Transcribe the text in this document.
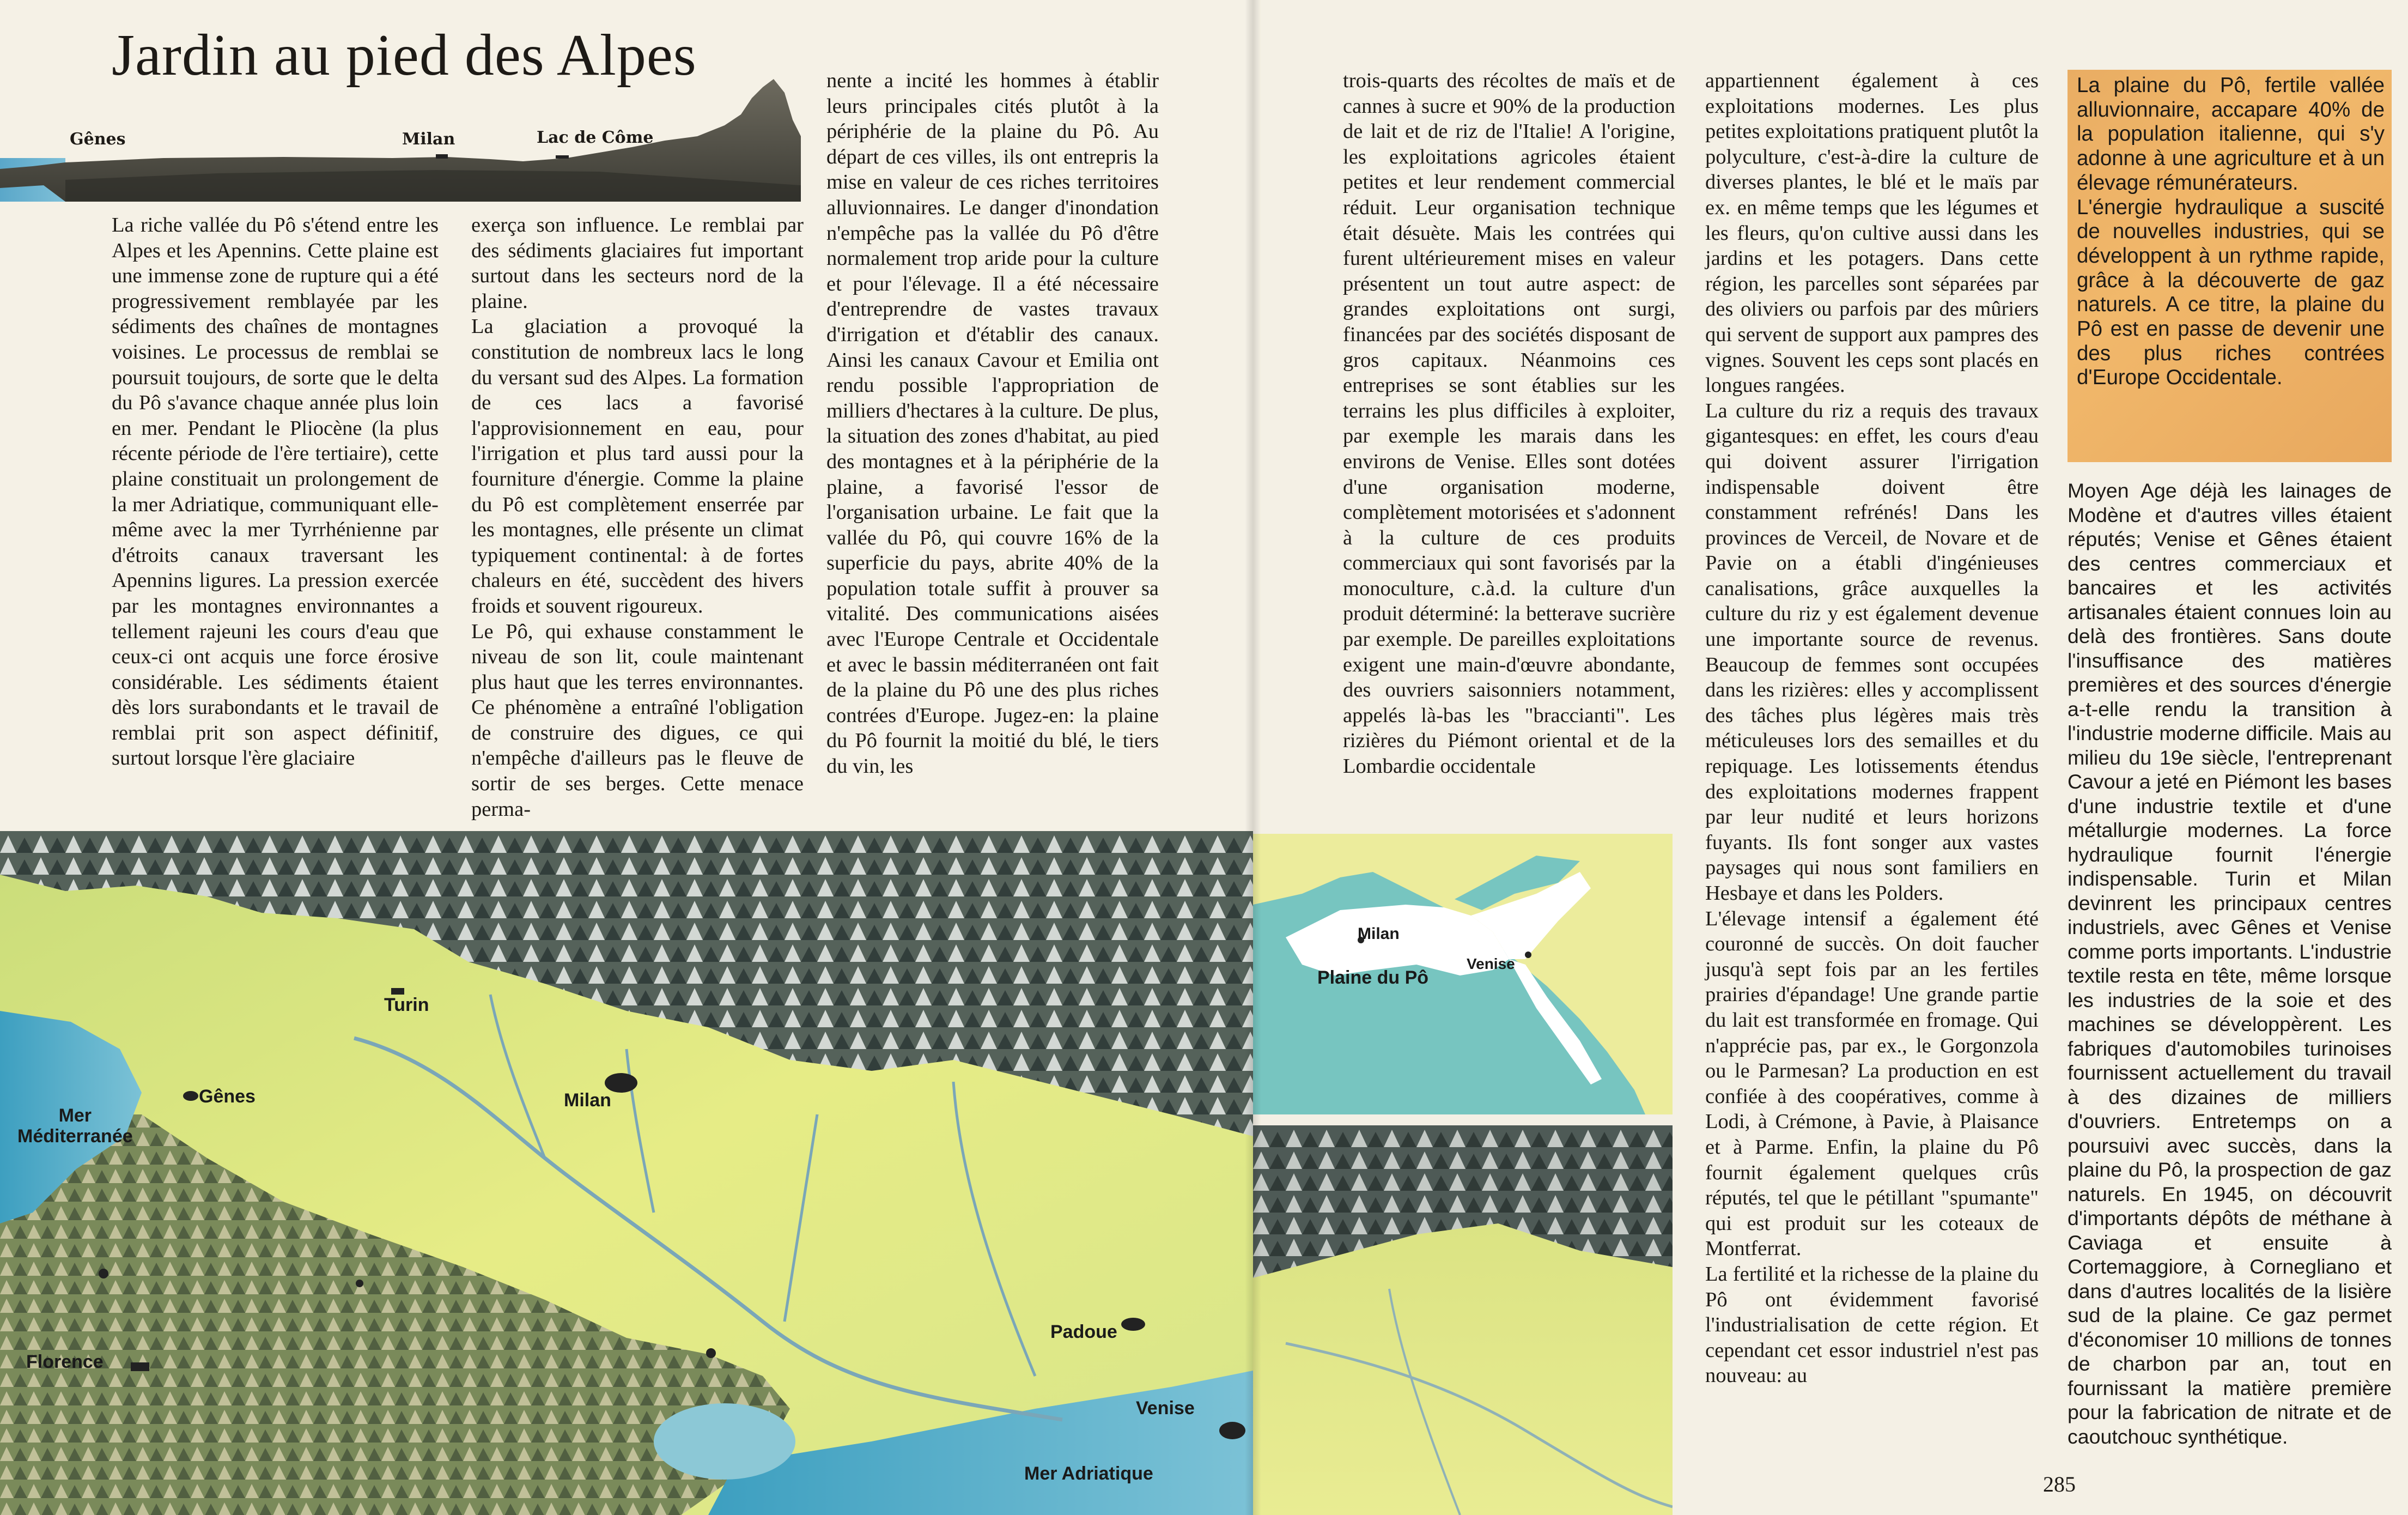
Jardin au pied des Alpes
Gênes	Milan	Lac de Côme

La riche vallée du Pô s'étend entre les Alpes et les Apennins. Cette plaine est une immense zone de rupture qui a été progressivement remblayée par les sédiments des chaînes de montagnes voisines. Le processus de remblai se poursuit toujours, de sorte que le delta du Pô s'avance chaque année plus loin en mer. Pendant le Pliocène (la plus récente période de l'ère tertiaire), cette plaine constituait un prolongement de la mer Adriatique, communiquant elle-même avec la mer Tyrrhénienne par d'étroits canaux traversant les Apennins ligures. La pression exercée par les montagnes environnantes a tellement rajeuni les cours d'eau que ceux-ci ont acquis une force érosive considérable. Les sédiments étaient dès lors surabondants et le travail de remblai prit son aspect définitif, surtout lorsque l'ère glaciaire

exerça son influence. Le remblai par des sédiments glaciaires fut important surtout dans les secteurs nord de la plaine.

La glaciation a provoqué la constitution de nombreux lacs le long du versant sud des Alpes. La formation de ces lacs a favorisé l'approvisionnement en eau, pour l'irrigation et plus tard aussi pour la fourniture d'énergie. Comme la plaine du Pô est complètement enserrée par les montagnes, elle présente un climat typiquement continental: à de fortes chaleurs en été, succèdent des hivers froids et souvent rigoureux.

Le Pô, qui exhause constamment le niveau de son lit, coule maintenant plus haut que les terres environnantes. Ce phénomène a entraîné l'obligation de construire des digues, ce qui n'empêche d'ailleurs pas le fleuve de sortir de ses berges. Cette menace perma-

nente a incité les hommes à établir leurs principales cités plutôt à la périphérie de la plaine du Pô. Au départ de ces villes, ils ont entrepris la mise en valeur de ces riches territoires alluvionnaires. Le danger d'inondation n'empêche pas la vallée du Pô d'être normalement trop aride pour la culture et pour l'élevage. Il a été nécessaire d'entreprendre de vastes travaux d'irrigation et d'établir des canaux. Ainsi les canaux Cavour et Emilia ont rendu possible l'appropriation de milliers d'hectares à la culture. De plus, la situation des zones d'habitat, au pied des montagnes et à la périphérie de la plaine, a favorisé l'essor de l'organisation urbaine. Le fait que la vallée du Pô, qui couvre 16% de la superficie du pays, abrite 40% de la population totale suffit à prouver sa vitalité. Des communications aisées avec l'Europe Centrale et Occidentale et avec le bassin méditerranéen ont fait de la plaine du Pô une des plus riches contrées d'Europe. Jugez-en: la plaine du Pô fournit la moitié du blé, le tiers du vin, les

Turin
Gênes
Mer
Méditerranée
Milan
Florence
Padoue
Venise
Mer Adriatique
Milan
Venise
Plaine du Pô

trois-quarts des récoltes de maïs et de cannes à sucre et 90% de la production de lait et de riz de l'Italie! A l'origine, les exploitations agricoles étaient petites et leur rendement commercial réduit. Leur organisation technique était désuète. Mais les contrées qui furent ultérieurement mises en valeur présentent un tout autre aspect: de grandes exploitations ont surgi, financées par des sociétés disposant de gros capitaux. Néanmoins ces entreprises se sont établies sur les terrains les plus difficiles à exploiter, par exemple les marais dans les environs de Venise. Elles sont dotées d'une organisation moderne, complètement motorisées et s'adonnent à la culture de ces produits commerciaux qui sont favorisés par la monoculture, c.à.d. la culture d'un produit déterminé: la betterave sucrière par exemple. De pareilles exploitations exigent une main-d'œuvre abondante, des ouvriers saisonniers notamment, appelés là-bas les "braccianti". Les rizières du Piémont oriental et de la Lombardie occidentale

appartiennent également à ces exploitations modernes. Les plus petites exploitations pratiquent plutôt la polyculture, c'est-à-dire la culture de diverses plantes, le blé et le maïs par ex. en même temps que les légumes et les fleurs, qu'on cultive aussi dans les jardins et les potagers. Dans cette région, les parcelles sont séparées par des oliviers ou parfois par des mûriers qui servent de support aux pampres des vignes. Souvent les ceps sont placés en longues rangées.

La culture du riz a requis des travaux gigantesques: en effet, les cours d'eau qui doivent assurer l'irrigation indispensable doivent être constamment refrénés! Dans les provinces de Verceil, de Novare et de Pavie on a établi d'ingénieuses canalisations, grâce auxquelles la culture du riz y est également devenue une importante source de revenus. Beaucoup de femmes sont occupées dans les rizières: elles y accomplissent des tâches plus légères mais très méticuleuses lors des semailles et du repiquage. Les lotissements étendus des exploitations modernes frappent par leur nudité et leurs horizons fuyants. Ils font songer aux vastes paysages qui nous sont familiers en Hesbaye et dans les Polders.

L'élevage intensif a également été couronné de succès. On doit faucher jusqu'à sept fois par an les fertiles prairies d'épandage! Une grande partie du lait est transformée en fromage. Qui n'apprécie pas, par ex., le Gorgonzola ou le Parmesan? La production en est confiée à des coopératives, comme à Lodi, à Crémone, à Pavie, à Plaisance et à Parme. Enfin, la plaine du Pô fournit également quelques crûs réputés, tel que le pétillant "spumante" qui est produit sur les coteaux de Montferrat.

La fertilité et la richesse de la plaine du Pô ont évidemment favorisé l'industrialisation de cette région. Et cependant cet essor industriel n'est pas nouveau: au

La plaine du Pô, fertile vallée alluvionnaire, accapare 40% de la population italienne, qui s'y adonne à une agriculture et à un élevage rémunérateurs.

L'énergie hydraulique a suscité de nouvelles industries, qui se développent à un rythme rapide, grâce à la découverte de gaz naturels. A ce titre, la plaine du Pô est en passe de devenir une des plus riches contrées d'Europe Occidentale.

Moyen Age déjà les lainages de Modène et d'autres villes étaient réputés; Venise et Gênes étaient des centres commerciaux et bancaires et les activités artisanales étaient connues loin au delà des frontières. Sans doute l'insuffisance des matières premières et des sources d'énergie a-t-elle rendu la transition à l'industrie moderne difficile. Mais au milieu du 19e siècle, l'entreprenant Cavour a jeté en Piémont les bases d'une industrie textile et d'une métallurgie modernes. La force hydraulique fournit l'énergie indispensable. Turin et Milan devinrent les principaux centres industriels, avec Gênes et Venise comme ports importants. L'industrie textile resta en tête, même lorsque les industries de la soie et des machines se développèrent. Les fabriques d'automobiles turinoises fournissent actuellement du travail à des dizaines de milliers d'ouvriers. Entretemps on a poursuivi avec succès, dans la plaine du Pô, la prospection de gaz naturels. En 1945, on découvrit d'importants dépôts de méthane à Caviaga et ensuite à Cortemaggiore, à Cornegliano et dans d'autres localités de la lisière sud de la plaine. Ce gaz permet d'économiser 10 millions de tonnes de charbon par an, tout en fournissant la matière première pour la fabrication de nitrate et de caoutchouc synthétique.

285
